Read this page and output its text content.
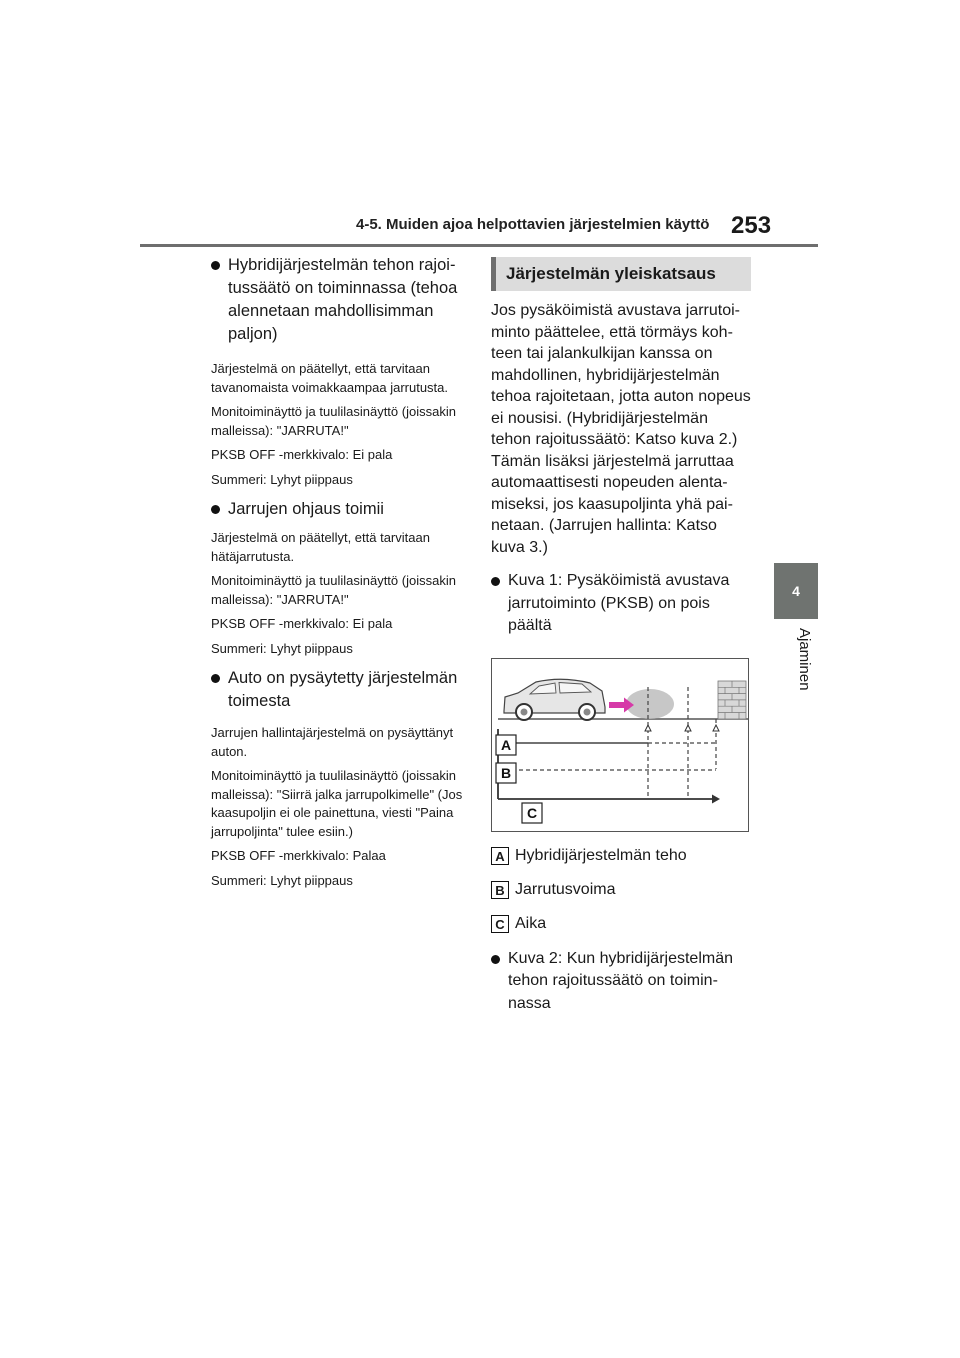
4-5. Muiden ajoa helpottavien järjestelmien käyttö 253
4
Ajaminen
Hybridijärjestelmän tehon rajoitussäätö on toiminnassa (tehoa alennetaan mahdollisimman paljon)
Järjestelmä on päätellyt, että tarvitaan tavanomaista voimakkaampaa jarrutusta.
Monitoiminäyttö ja tuulilasinäyttö (joissakin malleissa): "JARRUTA!"
PKSB OFF -merkkivalo: Ei pala
Summeri: Lyhyt piippaus
Jarrujen ohjaus toimii
Järjestelmä on päätellyt, että tarvitaan hätäjarrutusta.
Monitoiminäyttö ja tuulilasinäyttö (joissakin malleissa): "JARRUTA!"
PKSB OFF -merkkivalo: Ei pala
Summeri: Lyhyt piippaus
Auto on pysäytetty järjestelmän toimesta
Jarrujen hallintajärjestelmä on pysäyttänyt auton.
Monitoiminäyttö ja tuulilasinäyttö (joissakin malleissa): "Siirrä jalka jarrupolkimelle" (Jos kaasupoljin ei ole painettuna, viesti "Paina jarrupoljinta" tulee esiin.)
PKSB OFF -merkkivalo: Palaa
Summeri: Lyhyt piippaus
Järjestelmän yleiskatsaus
Jos pysäköimistä avustava jarrutoiminto päättelee, että törmäys kohteen tai jalankulkijan kanssa on mahdollinen, hybridijärjestelmän tehoa rajoitetaan, jotta auton nopeus ei nousisi. (Hybridijärjestelmän tehon rajoitussäätö: Katso kuva 2.)
Tämän lisäksi järjestelmä jarruttaa automaattisesti nopeuden alentamiseksi, jos kaasupoljinta yhä painetaan. (Jarrujen hallinta: Katso kuva 3.)
Kuva 1: Pysäköimistä avustava jarrutoiminto (PKSB) on pois päältä
A
B
C
A Hybridijärjestelmän teho
B Jarrutusvoima
C Aika
Kuva 2: Kun hybridijärjestelmän tehon rajoitussäätö on toiminnassa
